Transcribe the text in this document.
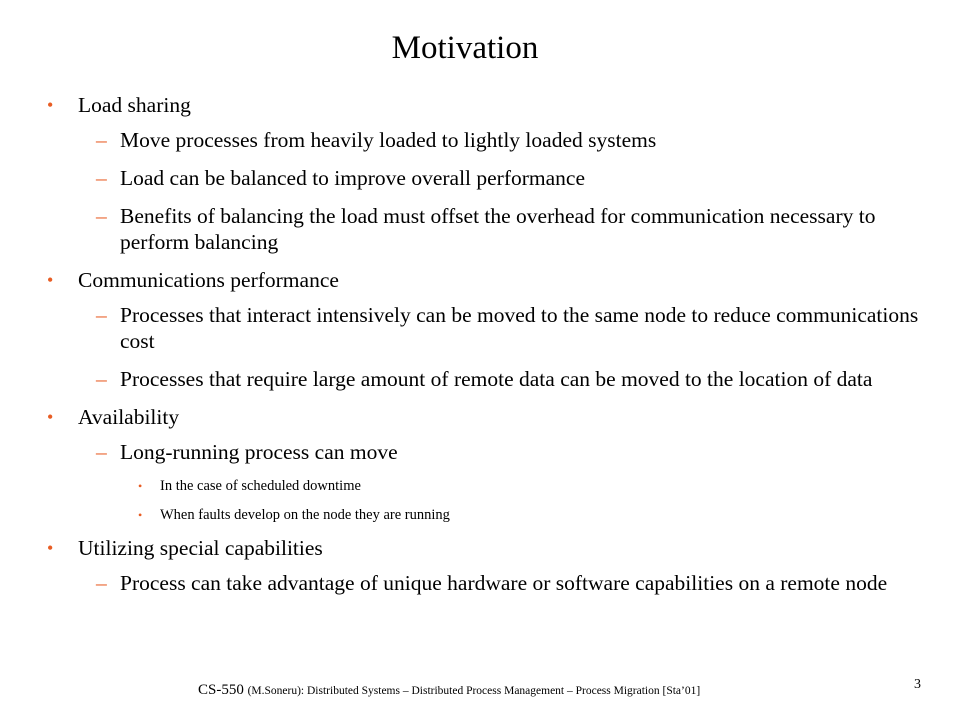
Motivation
• Load sharing
– Move processes from heavily loaded to lightly loaded systems
– Load can be balanced to improve overall performance
– Benefits of balancing the load must offset the overhead for communication necessary to perform balancing
• Communications performance
– Processes that interact intensively can be moved to the same node to reduce communications cost
– Processes that require large amount of remote data can be moved to the location of data
• Availability
– Long-running process can move
• In the case of scheduled downtime
• When faults develop on the node they are running
• Utilizing special capabilities
– Process can take advantage of unique hardware or software capabilities on a remote node
CS-550 (M.Soneru): Distributed Systems – Distributed Process Management – Process Migration [Sta’01]	3
